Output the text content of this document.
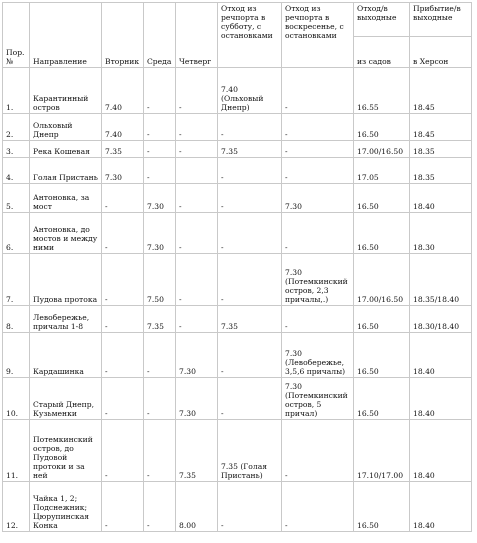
Пор. №	Направление	Вторник	Среда	Четверг	Отход из речпорта в субботу, с остановками	Отход из речпорта в воскресенье, с остановками	Отход/в выходные	Прибытие/в выходные
							из садов	в Херсон
1.	Карантинный остров	7.40	-	-	7.40 (Ольховый Днепр)	-	16.55	18.45
2.	Ольховый Днепр	7.40	-	-	-	-	16.50	18.45
3.	Река Кошевая	7.35	-	-	7.35	-	17.00/16.50	18.35
4.	Голая Пристань	7.30	-		-	-	17.05	18.35
5.	Антоновка, за мост	-	7.30	-	-	7.30	16.50	18.40
6.	Антоновка, до мостов и между ними	-	7.30	-	-	-	16.50	18.30
7.	Пудова протока	-	7.50	-	-	7.30 (Потемкинский остров, 2,3 причалы,.)	17.00/16.50	18.35/18.40
8.	Левобережье, причалы 1-8	-	7.35	-	7.35	-	16.50	18.30/18.40
9.	Кардашинка	-	-	7.30	-	7.30 (Левобережье, 3,5,6 причалы)	16.50	18.40
10.	Старый Днепр, Кузьменки	-	-	7.30	-	7.30 (Потемкинский остров, 5 причал)	16.50	18.40
11.	Потемкинский остров, до Пудовой протоки и за ней	-	-	7.35	7.35 (Голая Пристань)	-	17.10/17.00	18.40
12.	Чайка 1, 2; Подснежник; Цюрупинская Конка	-	-	8.00	-	-	16.50	18.40
